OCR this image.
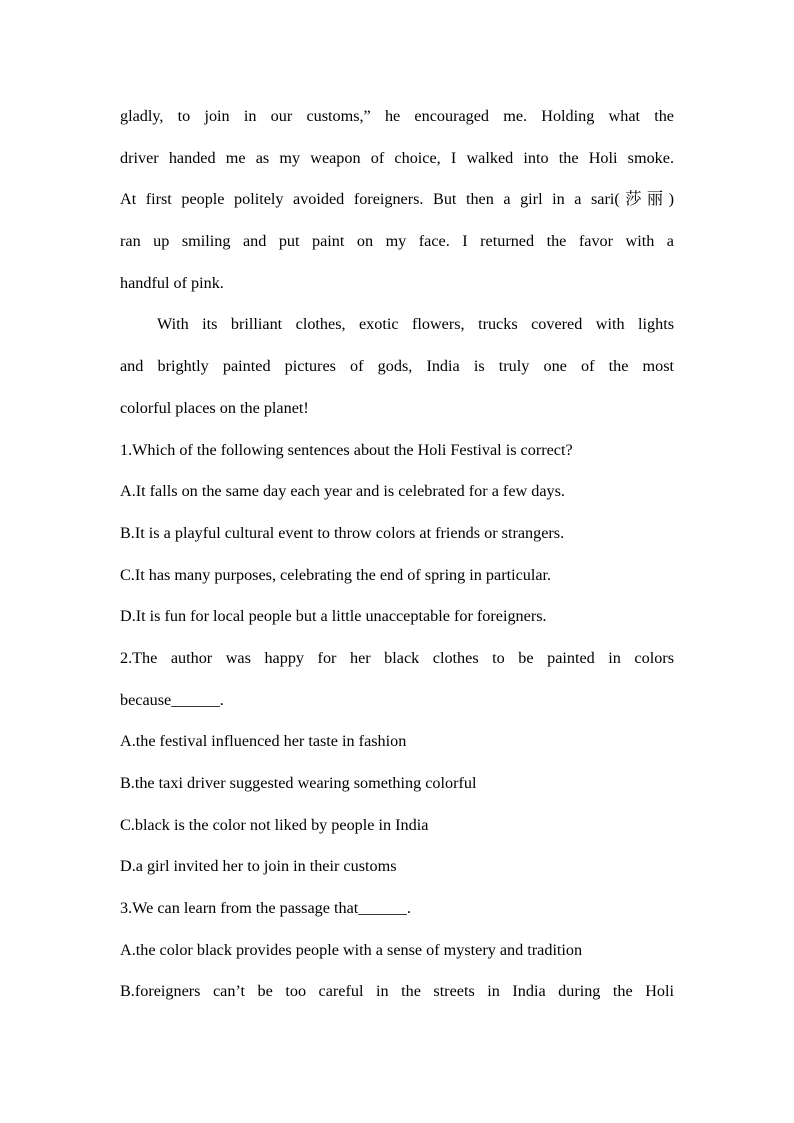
gladly, to join in our customs,” he encouraged me. Holding what the
driver handed me as my weapon of choice, I walked into the Holi smoke.
At first people politely avoided foreigners. But then a girl in a sari(莎丽)
ran up smiling and put paint on my face. I returned the favor with a
handful of pink.
With its brilliant clothes, exotic flowers, trucks covered with lights
and brightly painted pictures of gods, India is truly one of the most
colorful places on the planet!
1.Which of the following sentences about the Holi Festival is correct?
A.It falls on the same day each year and is celebrated for a few days.
B.It is a playful cultural event to throw colors at friends or strangers.
C.It has many purposes, celebrating the end of spring in particular.
D.It is fun for local people but a little unacceptable for foreigners.
2.The author was happy for her black clothes to be painted in colors
because______.
A.the festival influenced her taste in fashion
B.the taxi driver suggested wearing something colorful
C.black is the color not liked by people in India
D.a girl invited her to join in their customs
3.We can learn from the passage that______.
A.the color black provides people with a sense of mystery and tradition
B.foreigners can’t be too careful in the streets in India during the Holi
